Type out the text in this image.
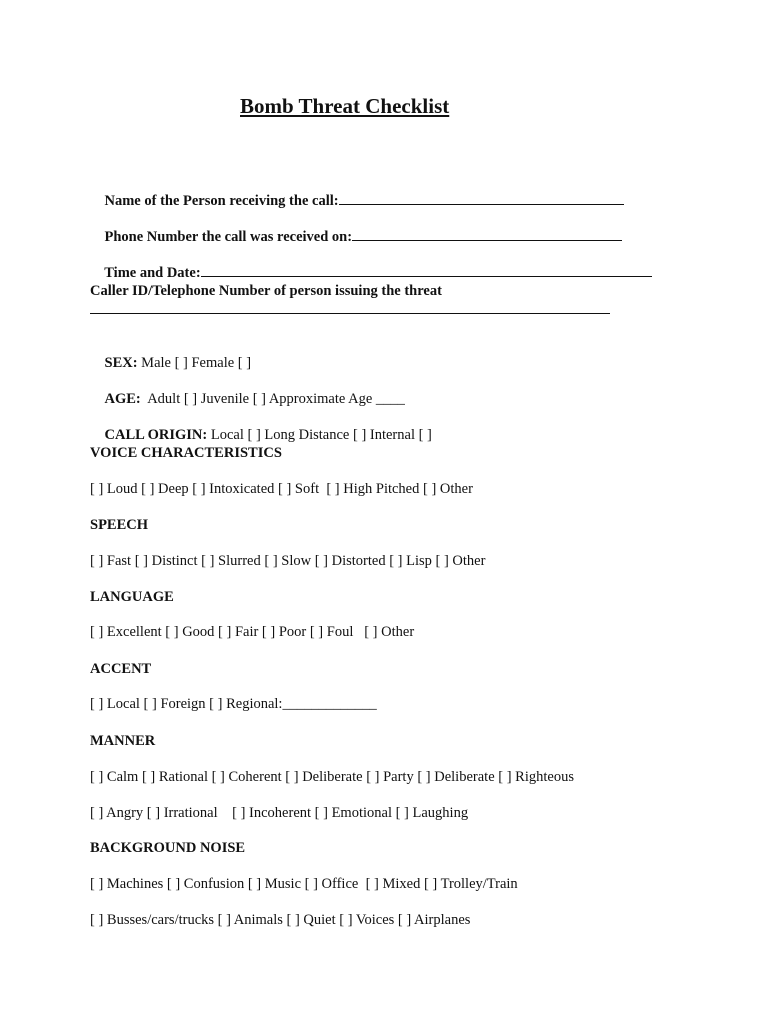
Bomb Threat Checklist

Name of the Person receiving the call:

Phone Number the call was received on:

Time and Date:

Caller ID/Telephone Number of person issuing the threat

SEX: Male [ ] Female [ ]

AGE:  Adult [ ] Juvenile [ ] Approximate Age ____

CALL ORIGIN: Local [ ] Long Distance [ ] Internal [ ]

VOICE CHARACTERISTICS
[ ] Loud [ ] Deep [ ] Intoxicated [ ] Soft  [ ] High Pitched [ ] Other
SPEECH
[ ] Fast [ ] Distinct [ ] Slurred [ ] Slow [ ] Distorted [ ] Lisp [ ] Other
LANGUAGE
[ ] Excellent [ ] Good [ ] Fair [ ] Poor [ ] Foul   [ ] Other
ACCENT
[ ] Local [ ] Foreign [ ] Regional:_____________
MANNER
[ ] Calm [ ] Rational [ ] Coherent [ ] Deliberate [ ] Party [ ] Deliberate [ ] Righteous
[ ] Angry [ ] Irrational    [ ] Incoherent [ ] Emotional [ ] Laughing
BACKGROUND NOISE
[ ] Machines [ ] Confusion [ ] Music [ ] Office  [ ] Mixed [ ] Trolley/Train
[ ] Busses/cars/trucks [ ] Animals [ ] Quiet [ ] Voices [ ] Airplanes
